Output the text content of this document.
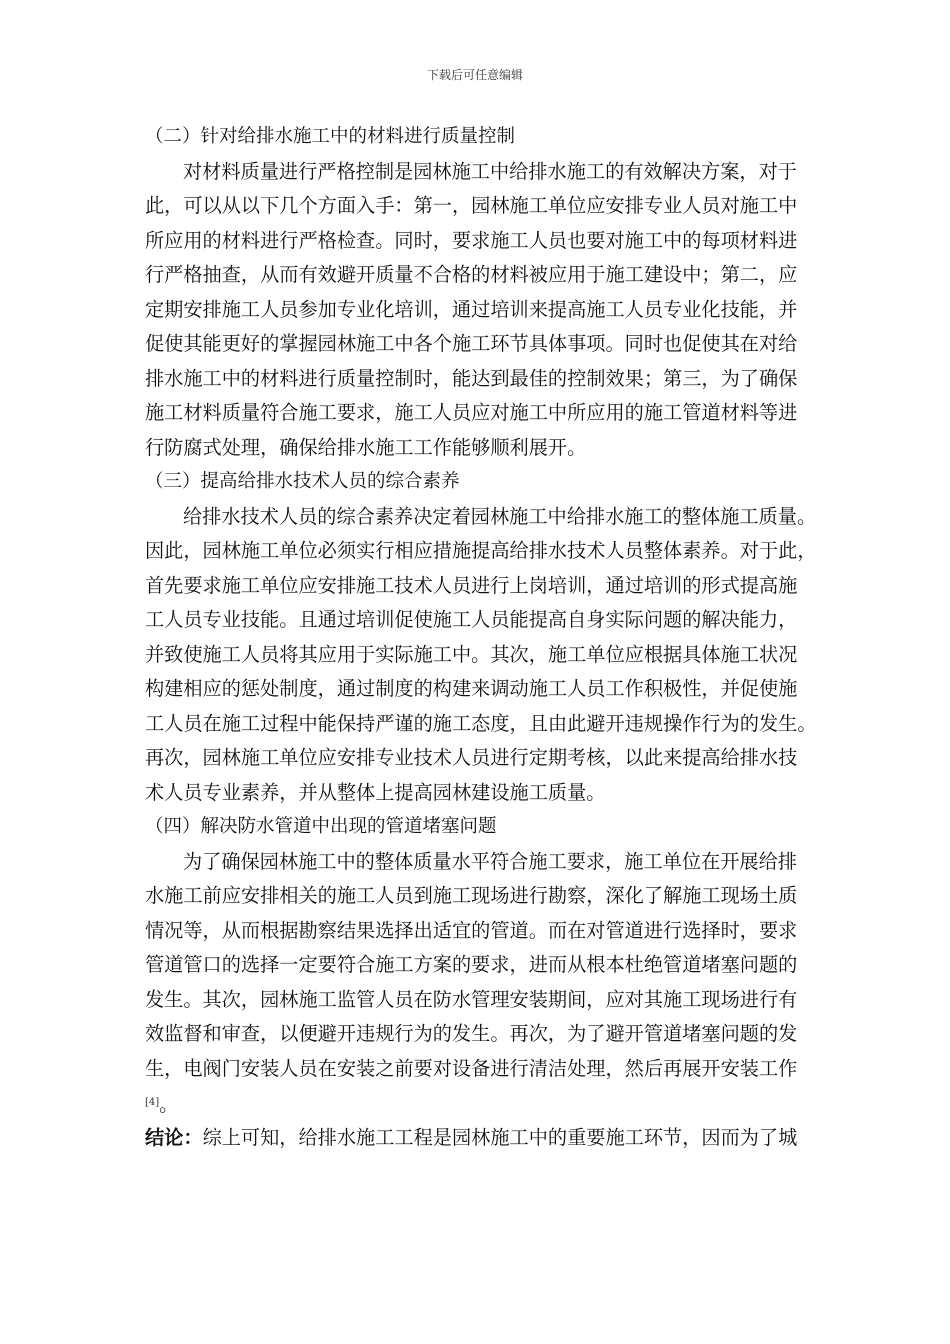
下载后可任意编辑
（二）针对给排水施工中的材料进行质量控制
对材料质量进行严格控制是园林施工中给排水施工的有效解决方案，对于
此，可以从以下几个方面入手：第一，园林施工单位应安排专业人员对施工中
所应用的材料进行严格检查。同时，要求施工人员也要对施工中的每项材料进
行严格抽查，从而有效避开质量不合格的材料被应用于施工建设中；第二，应
定期安排施工人员参加专业化培训，通过培训来提高施工人员专业化技能，并
促使其能更好的掌握园林施工中各个施工环节具体事项。同时也促使其在对给
排水施工中的材料进行质量控制时，能达到最佳的控制效果；第三，为了确保
施工材料质量符合施工要求，施工人员应对施工中所应用的施工管道材料等进
行防腐式处理，确保给排水施工工作能够顺利展开。
（三）提高给排水技术人员的综合素养
给排水技术人员的综合素养决定着园林施工中给排水施工的整体施工质量。
因此，园林施工单位必须实行相应措施提高给排水技术人员整体素养。对于此，
首先要求施工单位应安排施工技术人员进行上岗培训，通过培训的形式提高施
工人员专业技能。且通过培训促使施工人员能提高自身实际问题的解决能力，
并致使施工人员将其应用于实际施工中。其次，施工单位应根据具体施工状况
构建相应的惩处制度，通过制度的构建来调动施工人员工作积极性，并促使施
工人员在施工过程中能保持严谨的施工态度，且由此避开违规操作行为的发生。
再次，园林施工单位应安排专业技术人员进行定期考核，以此来提高给排水技
术人员专业素养，并从整体上提高园林建设施工质量。
（四）解决防水管道中出现的管道堵塞问题
为了确保园林施工中的整体质量水平符合施工要求，施工单位在开展给排
水施工前应安排相关的施工人员到施工现场进行勘察，深化了解施工现场土质
情况等，从而根据勘察结果选择出适宜的管道。而在对管道进行选择时，要求
管道管口的选择一定要符合施工方案的要求，进而从根本杜绝管道堵塞问题的
发生。其次，园林施工监管人员在防水管理安装期间，应对其施工现场进行有
效监督和审查，以便避开违规行为的发生。再次，为了避开管道堵塞问题的发
生，电阀门安装人员在安装之前要对设备进行清洁处理，然后再展开安装工作
[4]。
结论：综上可知，给排水施工工程是园林施工中的重要施工环节，因而为了城
